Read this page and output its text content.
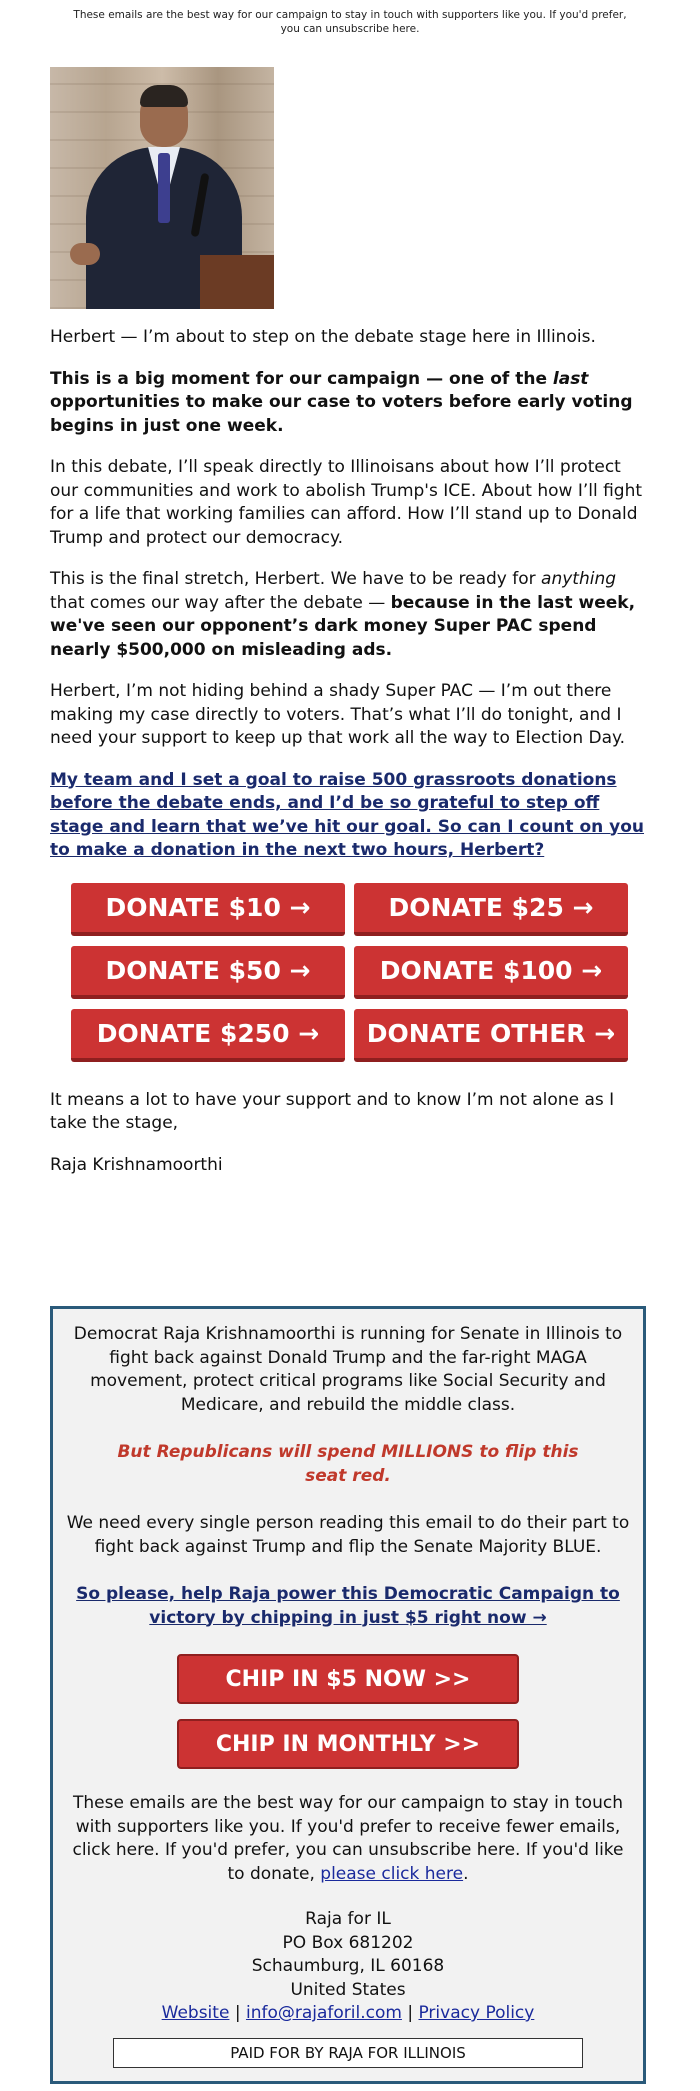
These emails are the best way for our campaign to stay in touch with supporters like you. If you'd prefer, you can unsubscribe here.

Herbert — I’m about to step on the debate stage here in Illinois.

This is a big moment for our campaign — one of the last opportunities to make our case to voters before early voting begins in just one week.

In this debate, I’ll speak directly to Illinoisans about how I’ll protect our communities and work to abolish Trump's ICE. About how I’ll fight for a life that working families can afford. How I’ll stand up to Donald Trump and protect our democracy.

This is the final stretch, Herbert. We have to be ready for anything that comes our way after the debate — because in the last week, we've seen our opponent’s dark money Super PAC spend nearly $500,000 on misleading ads.

Herbert, I’m not hiding behind a shady Super PAC — I’m out there making my case directly to voters. That’s what I’ll do tonight, and I need your support to keep up that work all the way to Election Day.

My team and I set a goal to raise 500 grassroots donations before the debate ends, and I’d be so grateful to step off stage and learn that we’ve hit our goal. So can I count on you to make a donation in the next two hours, Herbert?

DONATE $10 →	DONATE $25 →
DONATE $50 →	DONATE $100 →
DONATE $250 →	DONATE OTHER →

It means a lot to have your support and to know I’m not alone as I take the stage,

Raja Krishnamoorthi

Democrat Raja Krishnamoorthi is running for Senate in Illinois to fight back against Donald Trump and the far-right MAGA movement, protect critical programs like Social Security and Medicare, and rebuild the middle class.

But Republicans will spend MILLIONS to flip this seat red.

We need every single person reading this email to do their part to fight back against Trump and flip the Senate Majority BLUE.

So please, help Raja power this Democratic Campaign to victory by chipping in just $5 right now →

CHIP IN $5 NOW >>
CHIP IN MONTHLY >>

These emails are the best way for our campaign to stay in touch with supporters like you. If you'd prefer to receive fewer emails, click here. If you'd prefer, you can unsubscribe here. If you'd like to donate, please click here.

Raja for IL
PO Box 681202
Schaumburg, IL 60168
United States
Website | info@rajaforil.com | Privacy Policy
PAID FOR BY RAJA FOR ILLINOIS
